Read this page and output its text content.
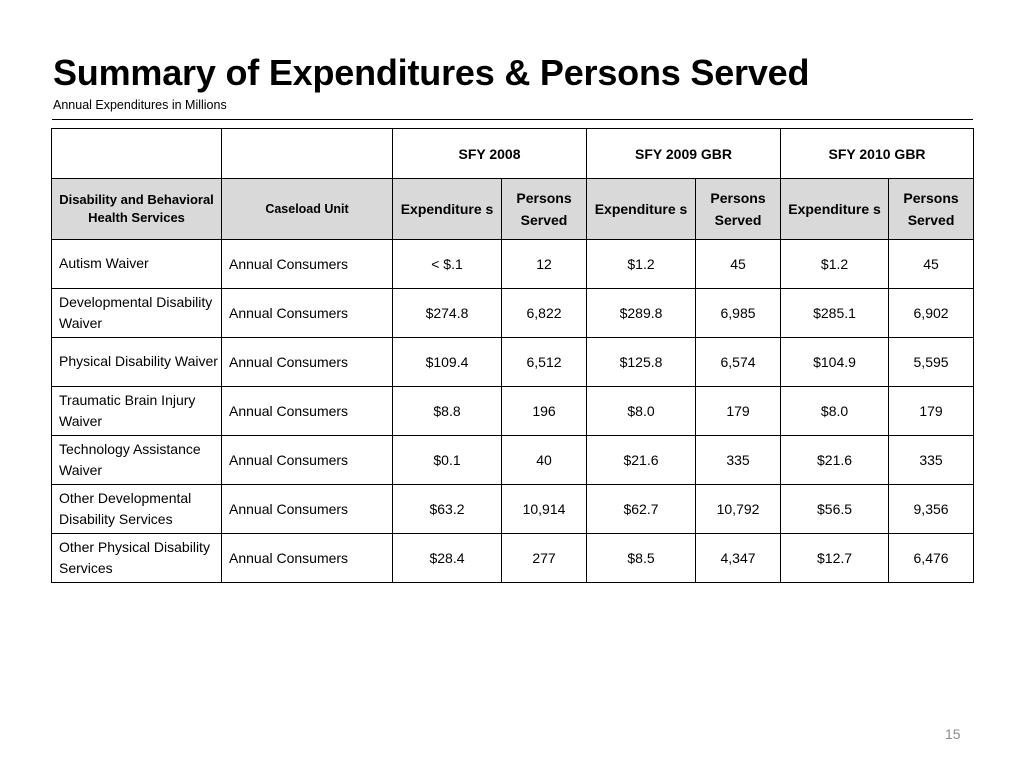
Summary of Expenditures & Persons Served
Annual Expenditures in Millions
		SFY 2008		SFY 2009 GBR		SFY 2010 GBR	
Disability and Behavioral Health Services	Caseload Unit	Expenditure s	Persons Served	Expenditure s	Persons Served	Expenditure s	Persons Served
Autism Waiver	Annual Consumers	< $.1	12	$1.2	45	$1.2	45
Developmental Disability Waiver	Annual Consumers	$274.8	6,822	$289.8	6,985	$285.1	6,902
Physical Disability Waiver	Annual Consumers	$109.4	6,512	$125.8	6,574	$104.9	5,595
Traumatic Brain Injury Waiver	Annual Consumers	$8.8	196	$8.0	179	$8.0	179
Technology Assistance Waiver	Annual Consumers	$0.1	40	$21.6	335	$21.6	335
Other Developmental Disability Services	Annual Consumers	$63.2	10,914	$62.7	10,792	$56.5	9,356
Other Physical Disability Services	Annual Consumers	$28.4	277	$8.5	4,347	$12.7	6,476
15
